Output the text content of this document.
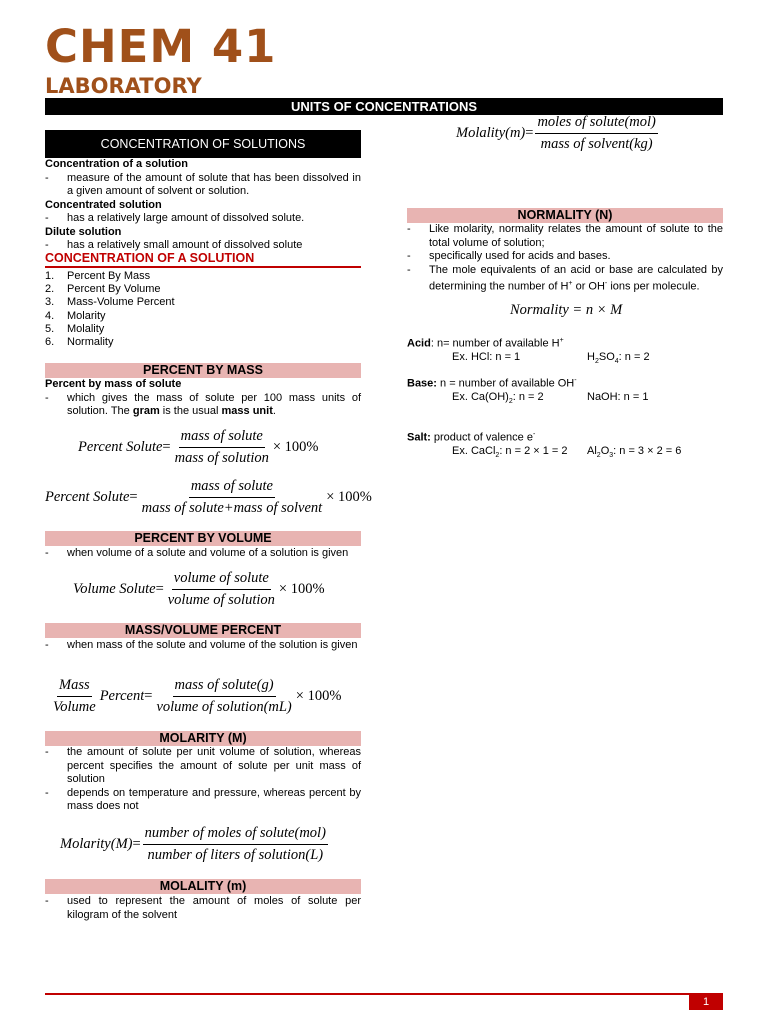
CHEM 41
LABORATORY
UNITS OF CONCENTRATIONS
CONCENTRATION OF SOLUTIONS
Concentration of a solution
-	measure of the amount of solute that has been dissolved in a given amount of solvent or solution.
Concentrated solution
-	has a relatively large amount of dissolved solute.
Dilute solution
-	has a relatively small amount of dissolved solute
CONCENTRATION OF A SOLUTION
1.	Percent By Mass
2.	Percent By Volume
3.	Mass-Volume Percent
4.	Molarity
5.	Molality
6.	Normality
PERCENT BY MASS
Percent by mass of solute
-	which gives the mass of solute per 100 mass units of solution. The gram is the usual mass unit.
Percent Solute = $\frac{\text{mass of solute}}{\text{mass of solution}} \times 100\%$
Percent Solute = $\frac{\text{mass of solute}}{\text{mass of solute+mass of solvent}} \times 100\%$
PERCENT BY VOLUME
-	when volume of a solute and volume of a solution is given
Volume Solute = $\frac{\text{volume of solute}}{\text{volume of solution}} \times 100\%$
MASS/VOLUME PERCENT
-	when mass of the solute and volume of the solution is given
$\frac{\text{Mass}}{\text{Volume}}$ Percent = $\frac{\text{mass of solute(g)}}{\text{volume of solution(mL)}} \times 100\%$
MOLARITY (M)
-	the amount of solute per unit volume of solution, whereas percent specifies the amount of solute per unit mass of solution
-	depends on temperature and pressure, whereas percent by mass does not
Molarity(M) = $\frac{\text{number of moles of solute(mol)}}{\text{number of liters of solution(L)}}$
MOLALITY (m)
-	used to represent the amount of moles of solute per kilogram of the solvent
Molality(m) = $\frac{\text{moles of solute(mol)}}{\text{mass of solvent(kg)}}$
NORMALITY (N)
-	Like molarity, normality relates the amount of solute to the total volume of solution;
-	specifically used for acids and bases.
-	The mole equivalents of an acid or base are calculated by determining the number of H+ or OH- ions per molecule.
Normality = n × M
Acid: n= number of available H+
Ex. HCl: n = 1	$H_2SO_4$: n = 2
Base: n = number of available OH-
Ex. $Ca(OH)_2$: n = 2	NaOH: n = 1
Salt: product of valence e-
Ex. CaCl$_2$: n = 2 × 1 = 2	$Al_2O_3$: n = 3 × 2 = 6
1
